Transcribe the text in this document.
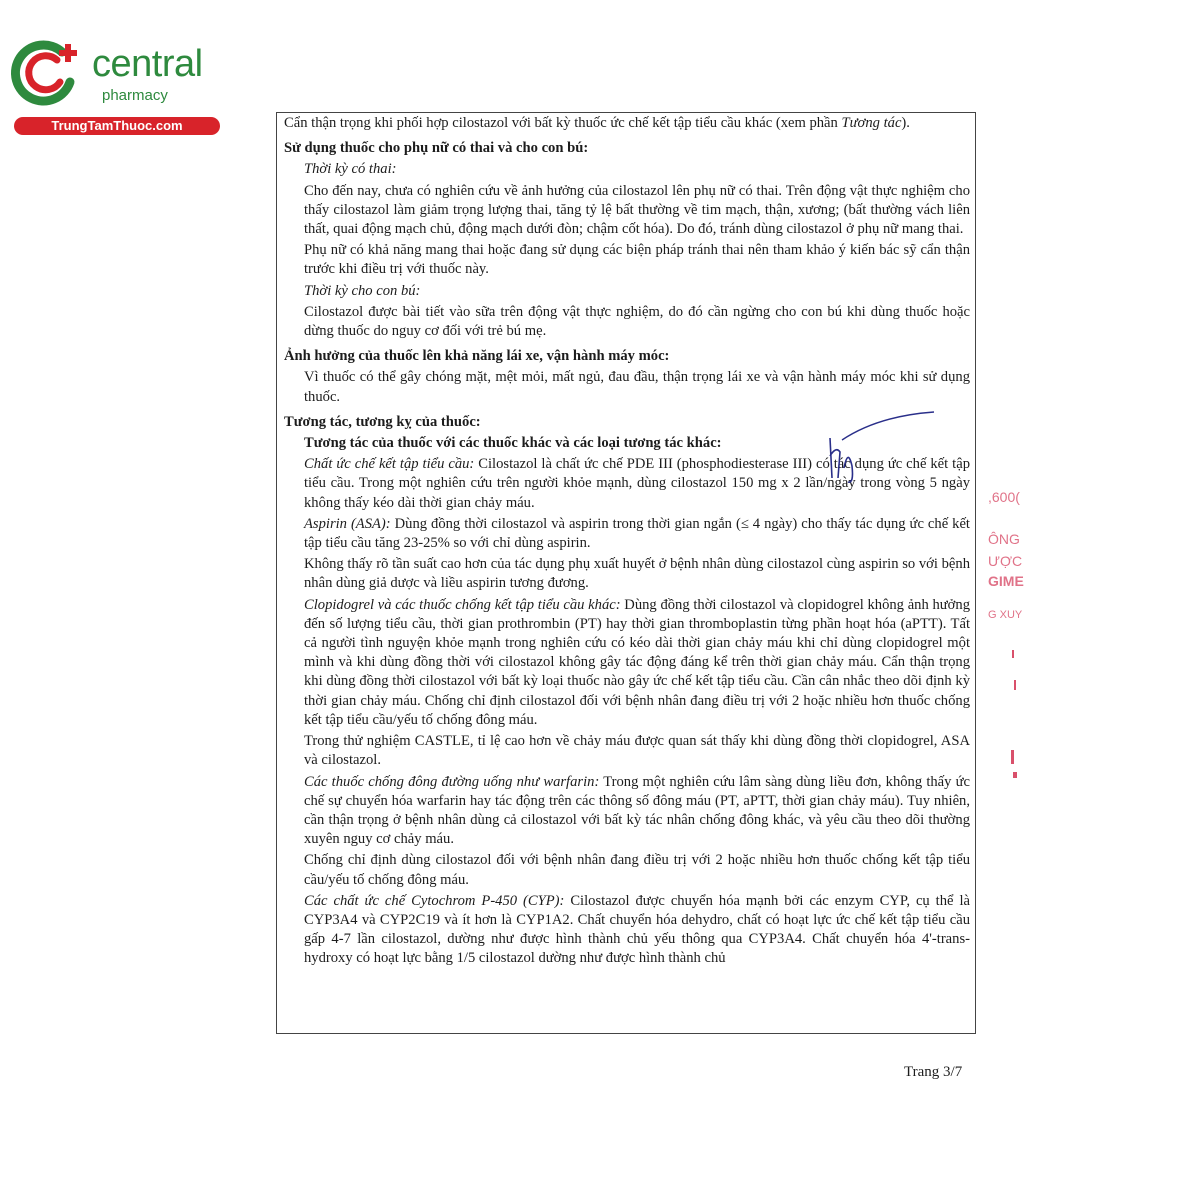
central
pharmacy
TrungTamThuoc.com	Cẩn thận trọng khi phối hợp cilostazol với bất kỳ thuốc ức chế kết tập tiểu cầu khác (xem phần Tương tác).

Sử dụng thuốc cho phụ nữ có thai và cho con bú:

Thời kỳ có thai:

Cho đến nay, chưa có nghiên cứu về ảnh hưởng của cilostazol lên phụ nữ có thai. Trên động vật thực nghiệm cho thấy cilostazol làm giảm trọng lượng thai, tăng tỷ lệ bất thường về tim mạch, thận, xương; (bất thường vách liên thất, quai động mạch chủ, động mạch dưới đòn; chậm cốt hóa). Do đó, tránh dùng cilostazol ở phụ nữ mang thai.

Phụ nữ có khả năng mang thai hoặc đang sử dụng các biện pháp tránh thai nên tham khảo ý kiến bác sỹ cẩn thận trước khi điều trị với thuốc này.

Thời kỳ cho con bú:

Cilostazol được bài tiết vào sữa trên động vật thực nghiệm, do đó cần ngừng cho con bú khi dùng thuốc hoặc dừng thuốc do nguy cơ đối với trẻ bú mẹ.

Ảnh hưởng của thuốc lên khả năng lái xe, vận hành máy móc:

Vì thuốc có thể gây chóng mặt, mệt mỏi, mất ngủ, đau đầu, thận trọng lái xe và vận hành máy móc khi sử dụng thuốc.

Tương tác, tương kỵ của thuốc:

Tương tác của thuốc với các thuốc khác và các loại tương tác khác:

Chất ức chế kết tập tiểu cầu: Cilostazol là chất ức chế PDE III (phosphodiesterase III) có tác dụng ức chế kết tập tiểu cầu. Trong một nghiên cứu trên người khỏe mạnh, dùng cilostazol 150 mg x 2 lần/ngày trong vòng 5 ngày không thấy kéo dài thời gian chảy máu.

Aspirin (ASA): Dùng đồng thời cilostazol và aspirin trong thời gian ngắn (≤ 4 ngày) cho thấy tác dụng ức chế kết tập tiểu cầu tăng 23-25% so với chỉ dùng aspirin.

Không thấy rõ tần suất cao hơn của tác dụng phụ xuất huyết ở bệnh nhân dùng cilostazol cùng aspirin so với bệnh nhân dùng giả dược và liều aspirin tương đương.

Clopidogrel và các thuốc chống kết tập tiểu cầu khác: Dùng đồng thời cilostazol và clopidogrel không ảnh hưởng đến số lượng tiểu cầu, thời gian prothrombin (PT) hay thời gian thromboplastin từng phần hoạt hóa (aPTT). Tất cả người tình nguyện khỏe mạnh trong nghiên cứu có kéo dài thời gian chảy máu khi chỉ dùng clopidogrel một mình và khi dùng đồng thời với cilostazol không gây tác động đáng kể trên thời gian chảy máu. Cẩn thận trọng khi dùng đồng thời cilostazol với bất kỳ loại thuốc nào gây ức chế kết tập tiểu cầu. Cần cân nhắc theo dõi định kỳ thời gian chảy máu. Chống chỉ định cilostazol đối với bệnh nhân đang điều trị với 2 hoặc nhiều hơn thuốc chống kết tập tiểu cầu/yếu tố chống đông máu.

Trong thử nghiệm CASTLE, tỉ lệ cao hơn về chảy máu được quan sát thấy khi dùng đồng thời clopidogrel, ASA và cilostazol.

Các thuốc chống đông đường uống như warfarin: Trong một nghiên cứu lâm sàng dùng liều đơn, không thấy ức chế sự chuyển hóa warfarin hay tác động trên các thông số đông máu (PT, aPTT, thời gian chảy máu). Tuy nhiên, cần thận trọng ở bệnh nhân dùng cả cilostazol với bất kỳ tác nhân chống đông khác, và yêu cầu theo dõi thường xuyên nguy cơ chảy máu.

Chống chỉ định dùng cilostazol đối với bệnh nhân đang điều trị với 2 hoặc nhiều hơn thuốc chống kết tập tiểu cầu/yếu tố chống đông máu.

Các chất ức chế Cytochrom P-450 (CYP): Cilostazol được chuyển hóa mạnh bởi các enzym CYP, cụ thể là CYP3A4 và CYP2C19 và ít hơn là CYP1A2. Chất chuyển hóa dehydro, chất có hoạt lực ức chế kết tập tiểu cầu gấp 4-7 lần cilostazol, dường như được hình thành chủ yếu thông qua CYP3A4. Chất chuyển hóa 4'-trans-hydroxy có hoạt lực bằng 1/5 cilostazol dường như được hình thành chủ

,600(
ÔNG
ƯỢC
GIME
G XUY
Trang 3/7
